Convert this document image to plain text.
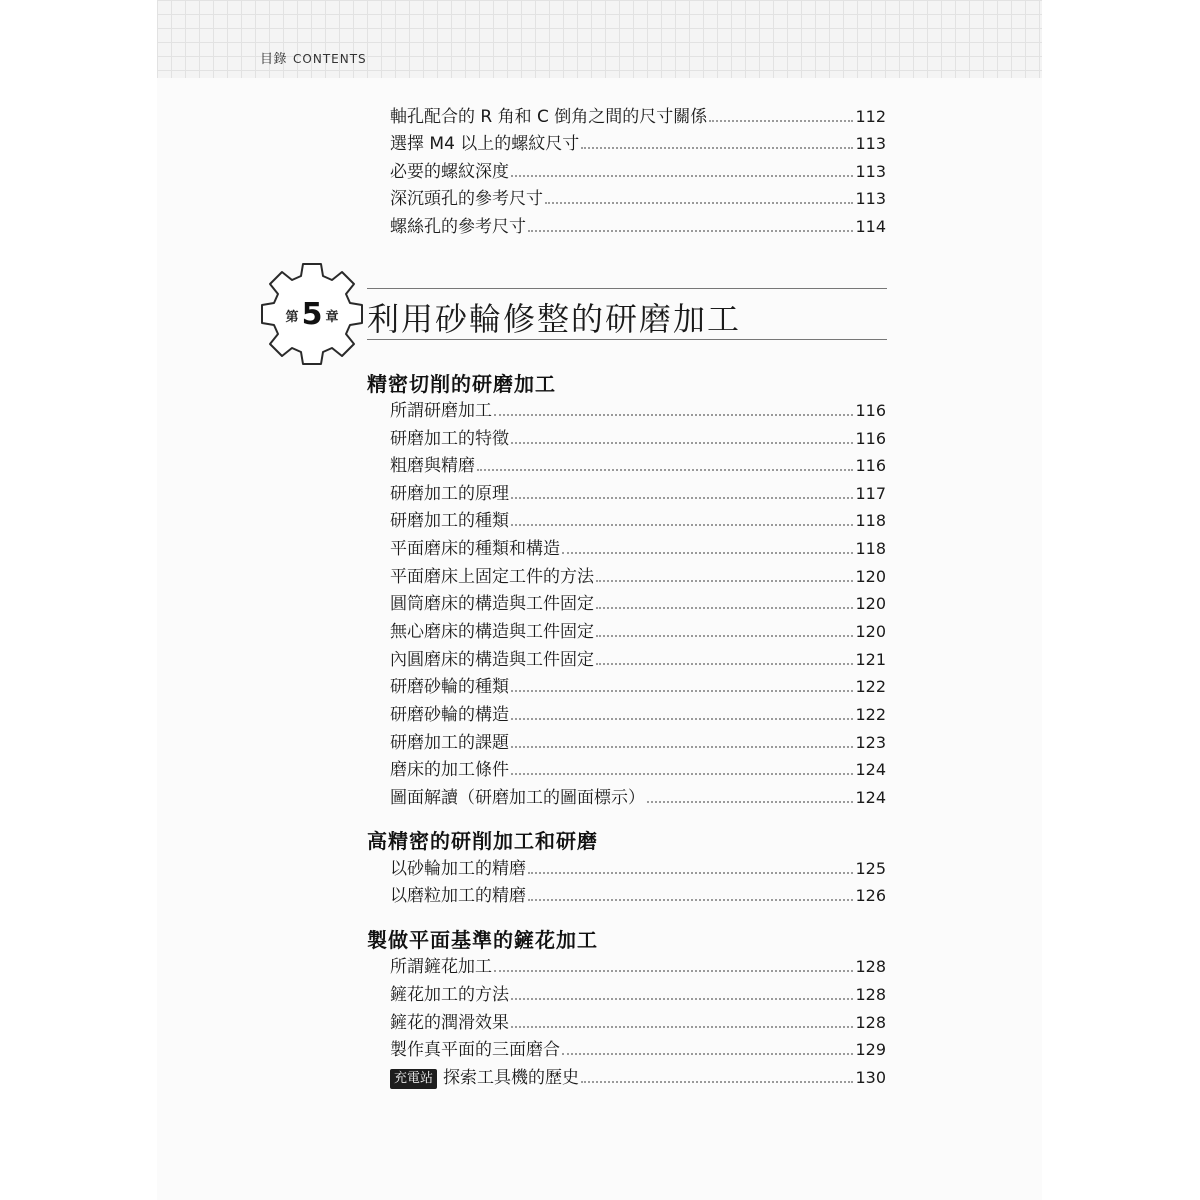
目錄 CONTENTS
軸孔配合的 R 角和 C 倒角之間的尺寸關係	112
選擇 M4 以上的螺紋尺寸	113
必要的螺紋深度	113
深沉頭孔的參考尺寸	113
螺絲孔的參考尺寸	114
第 5 章 利用砂輪修整的研磨加工
精密切削的研磨加工
所謂研磨加工	116
研磨加工的特徵	116
粗磨與精磨	116
研磨加工的原理	117
研磨加工的種類	118
平面磨床的種類和構造	118
平面磨床上固定工件的方法	120
圓筒磨床的構造與工件固定	120
無心磨床的構造與工件固定	120
內圓磨床的構造與工件固定	121
研磨砂輪的種類	122
研磨砂輪的構造	122
研磨加工的課題	123
磨床的加工條件	124
圖面解讀（研磨加工的圖面標示）	124
高精密的研削加工和研磨
以砂輪加工的精磨	125
以磨粒加工的精磨	126
製做平面基準的鏟花加工
所謂鏟花加工	128
鏟花加工的方法	128
鏟花的潤滑效果	128
製作真平面的三面磨合	129
充電站 探索工具機的歷史	130
